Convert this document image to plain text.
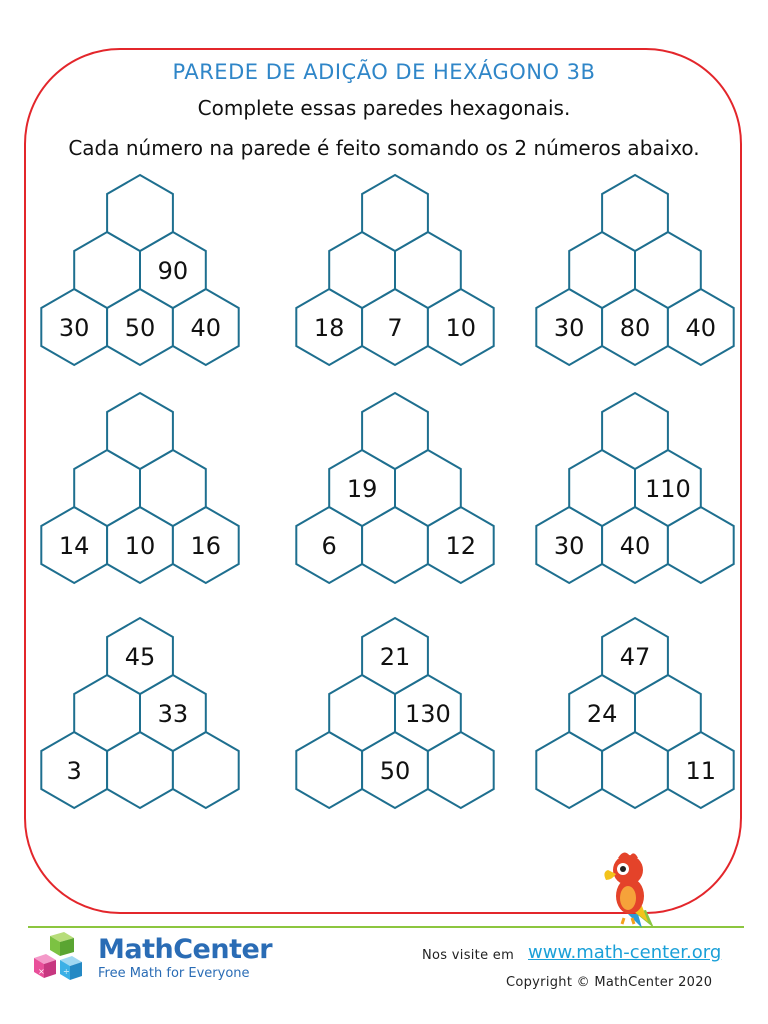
PAREDE DE ADIÇÃO DE HEXÁGONO 3B
Complete essas paredes hexagonais.
Cada número na parede é feito somando os 2 números abaixo.
30 50 40
90
18 7 10	30 80 40
14 10 16	6	12
19
30 40
110
3
33
45
50
130
21
11
24
47
× ÷
MathCenter
Free Math for Everyone
Nos visite em www.math-center.org
Copyright © MathCenter 2020
